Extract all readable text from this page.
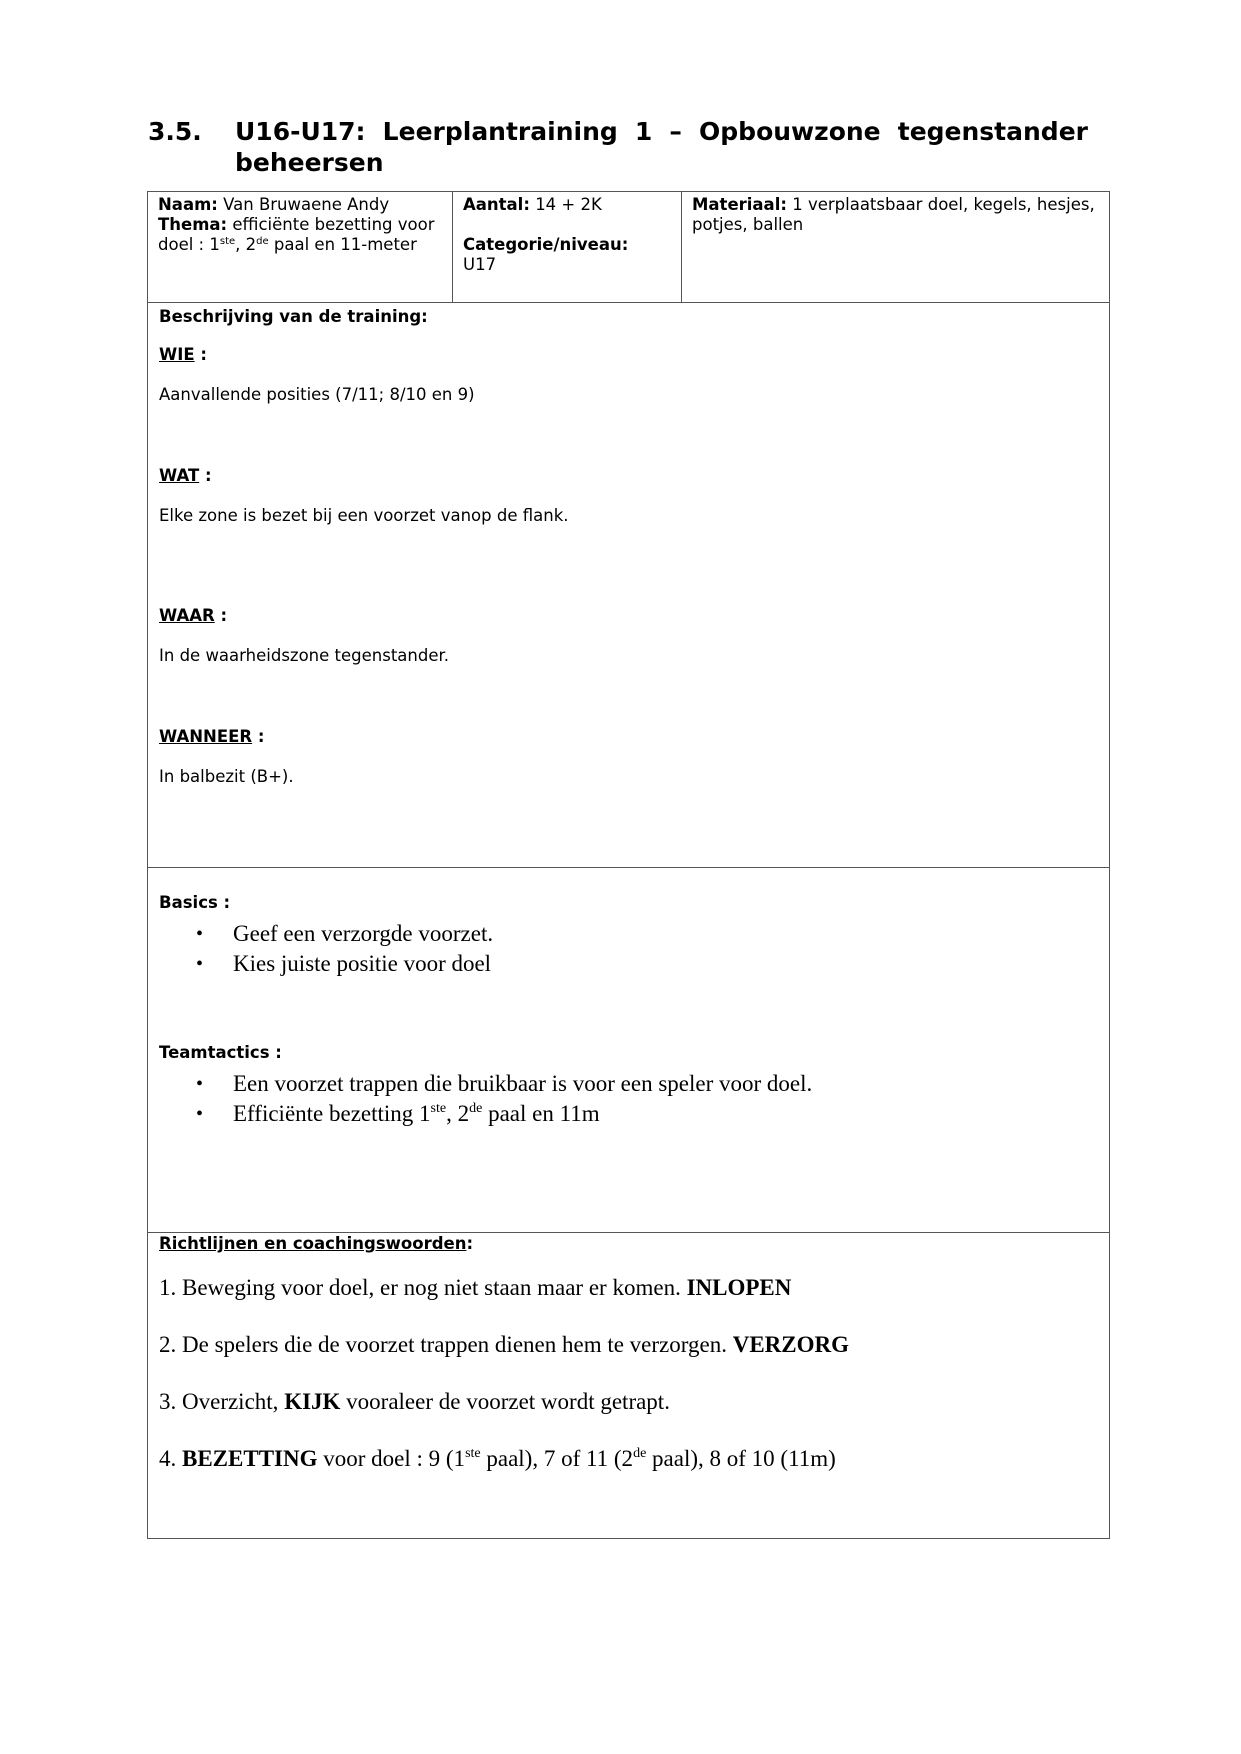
3.5. U16-U17: Leerplantraining 1 – Opbouwzone tegenstander beheersen
Naam: Van Bruwaene Andy
Thema: efficiënte bezetting voor doel : 1ste, 2de paal en 11-meter
Aantal: 14 + 2K
Categorie/niveau:
U17
Materiaal: 1 verplaatsbaar doel, kegels, hesjes, potjes, ballen
Beschrijving van de training:
WIE :
Aanvallende posities (7/11; 8/10 en 9)
WAT :
Elke zone is bezet bij een voorzet vanop de flank.
WAAR :
In de waarheidszone tegenstander.
WANNEER :
In balbezit (B+).
Basics :
• Geef een verzorgde voorzet.
• Kies juiste positie voor doel
Teamtactics :
• Een voorzet trappen die bruikbaar is voor een speler voor doel.
• Efficiënte bezetting 1ste, 2de paal en 11m
Richtlijnen en coachingswoorden:
1. Beweging voor doel, er nog niet staan maar er komen. INLOPEN
2. De spelers die de voorzet trappen dienen hem te verzorgen. VERZORG
3. Overzicht, KIJK vooraleer de voorzet wordt getrapt.
4. BEZETTING voor doel : 9 (1ste paal), 7 of 11 (2de paal), 8 of 10 (11m)
